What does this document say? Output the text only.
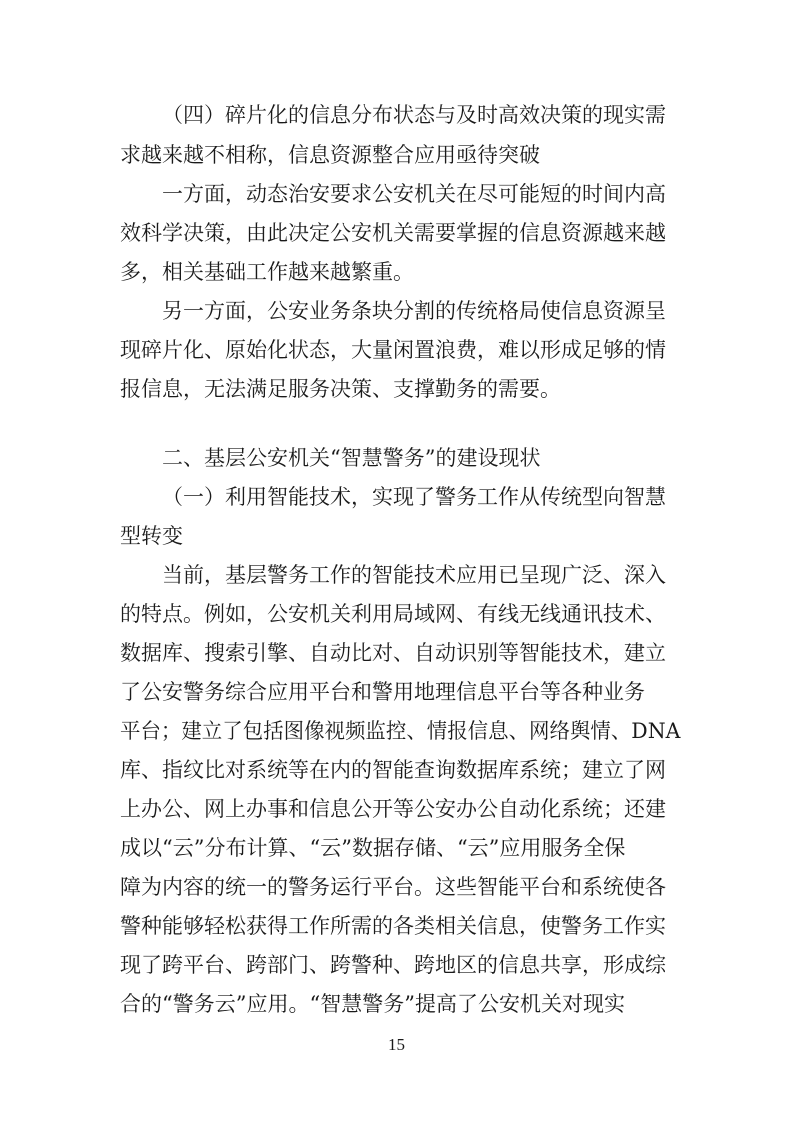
（四）碎片化的信息分布状态与及时高效决策的现实需
求越来越不相称，信息资源整合应用亟待突破
一方面，动态治安要求公安机关在尽可能短的时间内高
效科学决策，由此决定公安机关需要掌握的信息资源越来越
多，相关基础工作越来越繁重。
另一方面，公安业务条块分割的传统格局使信息资源呈
现碎片化、原始化状态，大量闲置浪费，难以形成足够的情
报信息，无法满足服务决策、支撑勤务的需要。
二、基层公安机关“智慧警务”的建设现状
（一）利用智能技术，实现了警务工作从传统型向智慧
型转变
当前，基层警务工作的智能技术应用已呈现广泛、深入
的特点。例如，公安机关利用局域网、有线无线通讯技术、
数据库、搜索引擎、自动比对、自动识别等智能技术，建立
了公安警务综合应用平台和警用地理信息平台等各种业务
平台；建立了包括图像视频监控、情报信息、网络舆情、DNA
库、指纹比对系统等在内的智能查询数据库系统；建立了网
上办公、网上办事和信息公开等公安办公自动化系统；还建
成以“云”分布计算、“云”数据存储、“云”应用服务全保
障为内容的统一的警务运行平台。这些智能平台和系统使各
警种能够轻松获得工作所需的各类相关信息，使警务工作实
现了跨平台、跨部门、跨警种、跨地区的信息共享，形成综
合的“警务云”应用。“智慧警务”提高了公安机关对现实
15
